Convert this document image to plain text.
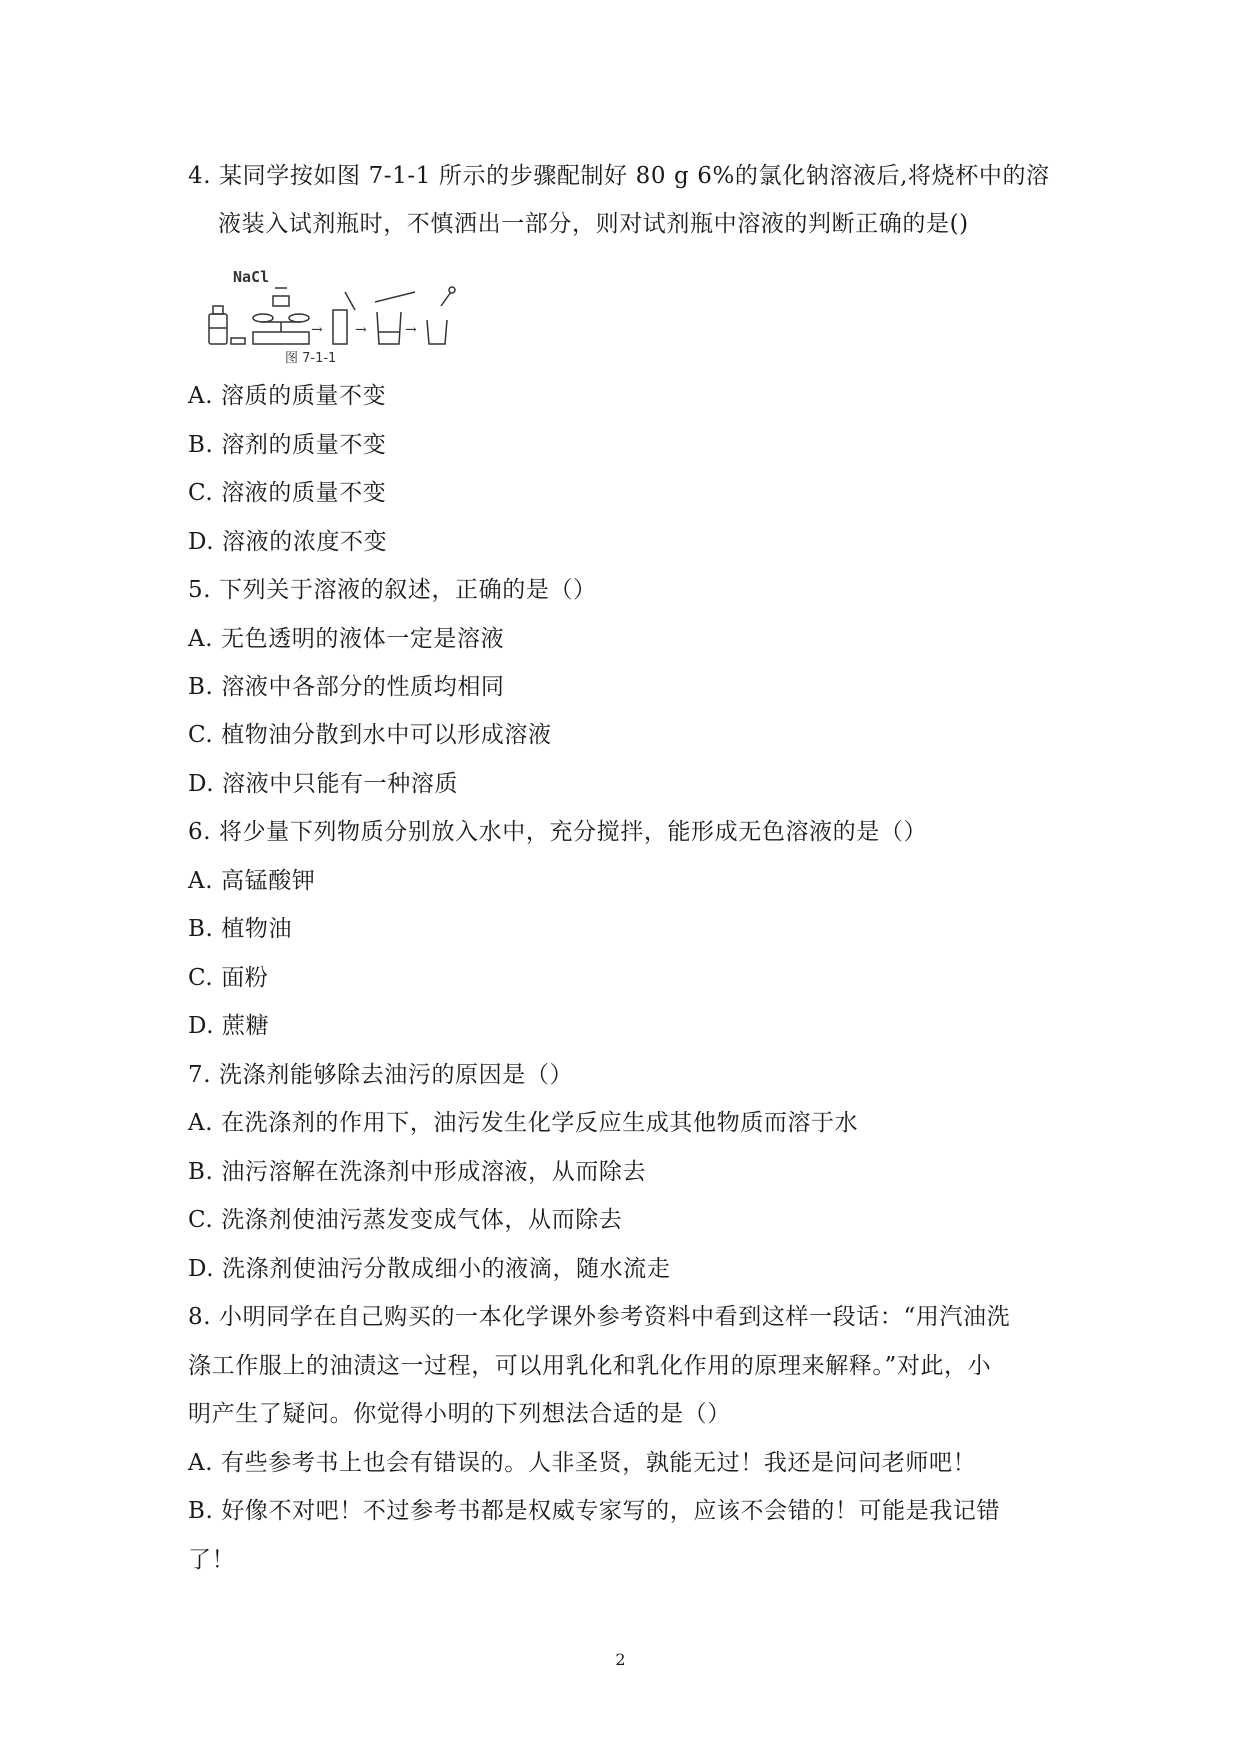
4. 某同学按如图 7-1-1 所示的步骤配制好 80 g 6%的氯化钠溶液后,将烧杯中的溶
液装入试剂瓶时，不慎洒出一部分，则对试剂瓶中溶液的判断正确的是()
NaCl
→ →	→
图 7-1-1
A. 溶质的质量不变
B. 溶剂的质量不变
C. 溶液的质量不变
D. 溶液的浓度不变
5. 下列关于溶液的叙述，正确的是（）
A. 无色透明的液体一定是溶液
B. 溶液中各部分的性质均相同
C. 植物油分散到水中可以形成溶液
D. 溶液中只能有一种溶质
6. 将少量下列物质分别放入水中，充分搅拌，能形成无色溶液的是（）
A. 高锰酸钾
B. 植物油
C. 面粉
D. 蔗糖
7. 洗涤剂能够除去油污的原因是（）
A. 在洗涤剂的作用下，油污发生化学反应生成其他物质而溶于水
B. 油污溶解在洗涤剂中形成溶液，从而除去
C. 洗涤剂使油污蒸发变成气体，从而除去
D. 洗涤剂使油污分散成细小的液滴，随水流走
8. 小明同学在自己购买的一本化学课外参考资料中看到这样一段话：“用汽油洗
涤工作服上的油渍这一过程，可以用乳化和乳化作用的原理来解释。”对此，小
明产生了疑问。你觉得小明的下列想法合适的是（）
A. 有些参考书上也会有错误的。人非圣贤，孰能无过！我还是问问老师吧！
B. 好像不对吧！不过参考书都是权威专家写的，应该不会错的！可能是我记错
了！
2
